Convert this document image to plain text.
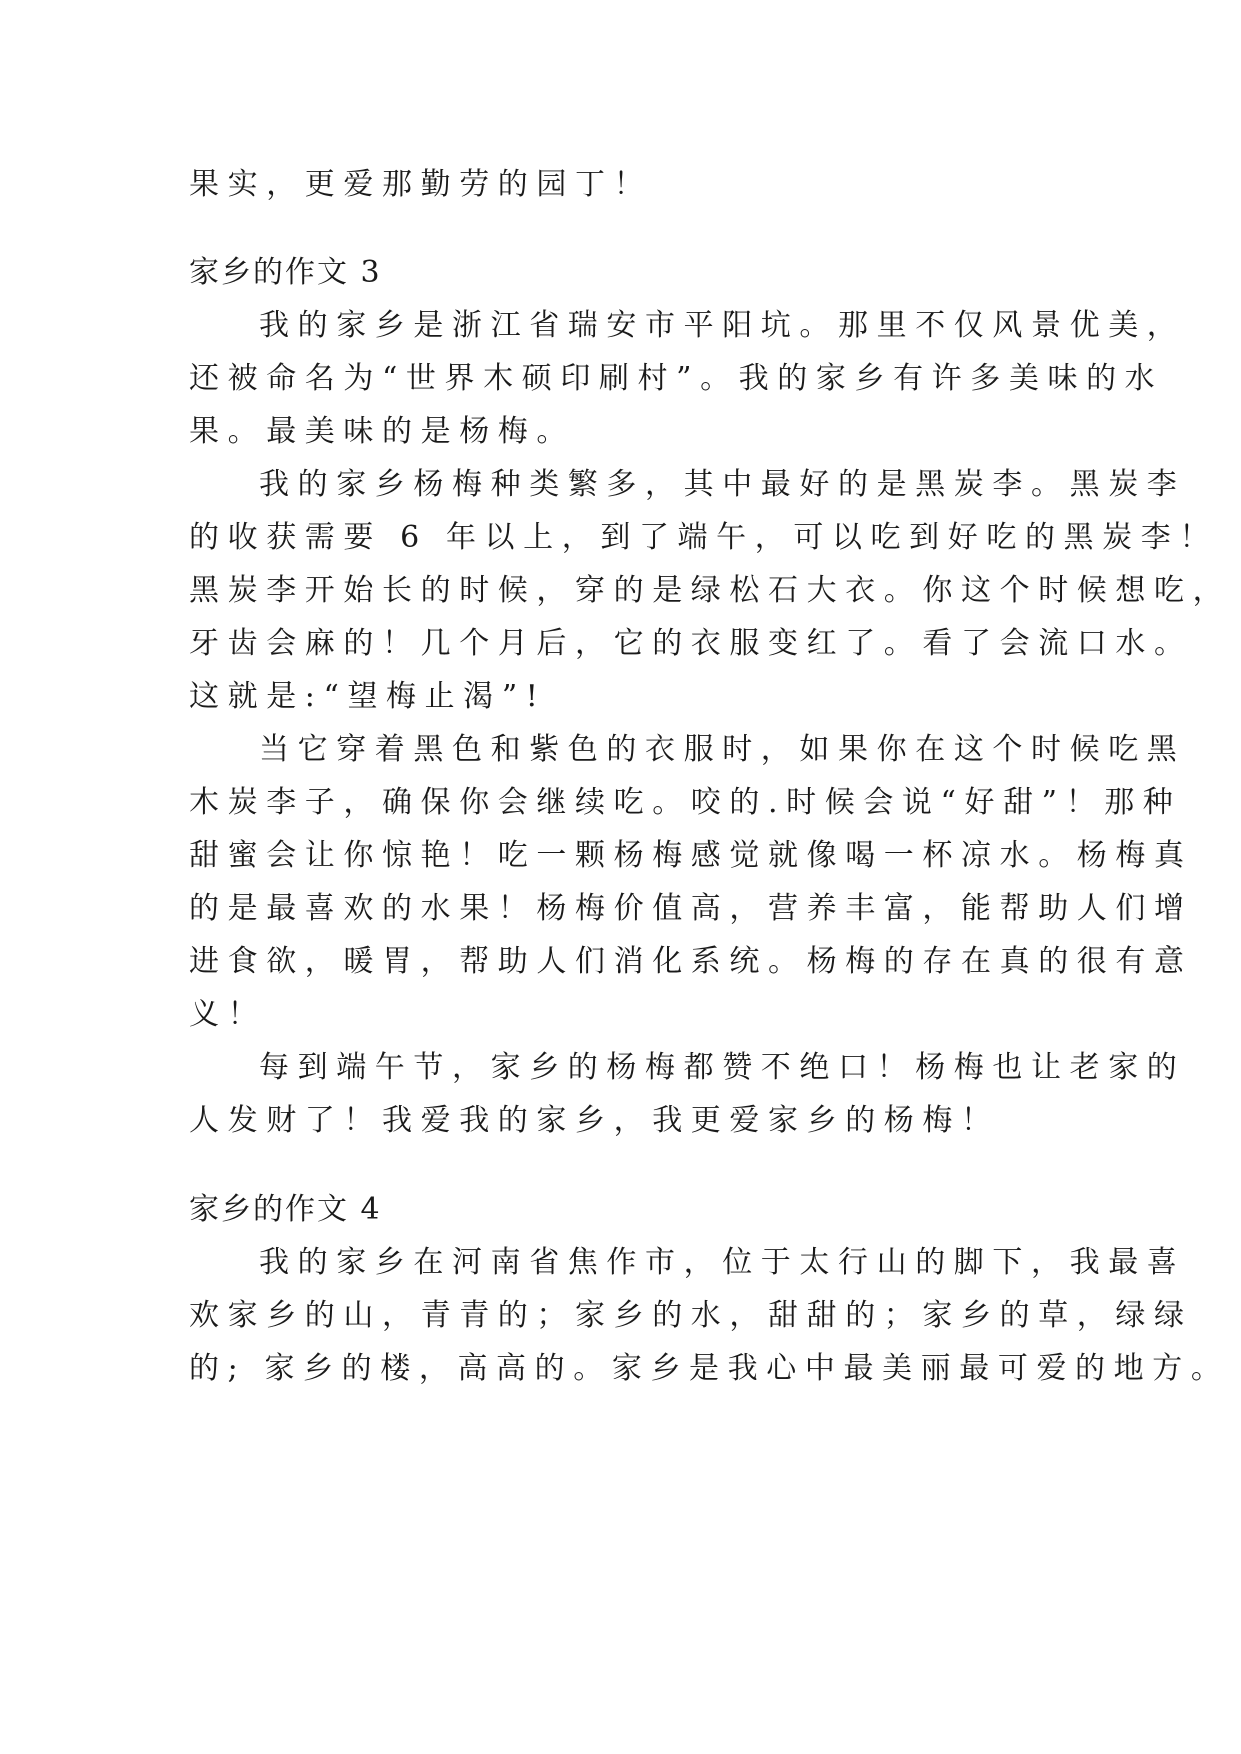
果实，更爱那勤劳的园丁！
家乡的作文 3
我的家乡是浙江省瑞安市平阳坑。那里不仅风景优美，
还被命名为“世界木硕印刷村”。我的家乡有许多美味的水
果。最美味的是杨梅。
我的家乡杨梅种类繁多，其中最好的是黑炭李。黑炭李
的收获需要 6 年以上，到了端午，可以吃到好吃的黑炭李！
黑炭李开始长的时候，穿的是绿松石大衣。你这个时候想吃，
牙齿会麻的！几个月后，它的衣服变红了。看了会流口水。
这就是:“望梅止渴”!
当它穿着黑色和紫色的衣服时，如果你在这个时候吃黑
木炭李子，确保你会继续吃。咬的.时候会说“好甜”！那种
甜蜜会让你惊艳！吃一颗杨梅感觉就像喝一杯凉水。杨梅真
的是最喜欢的水果！杨梅价值高，营养丰富，能帮助人们增
进食欲，暖胃，帮助人们消化系统。杨梅的存在真的很有意
义！
每到端午节，家乡的杨梅都赞不绝口！杨梅也让老家的
人发财了！我爱我的家乡，我更爱家乡的杨梅！
家乡的作文 4
我的家乡在河南省焦作市，位于太行山的脚下，我最喜
欢家乡的山，青青的；家乡的水，甜甜的；家乡的草，绿绿
的; 家乡的楼，高高的。家乡是我心中最美丽最可爱的地方。
